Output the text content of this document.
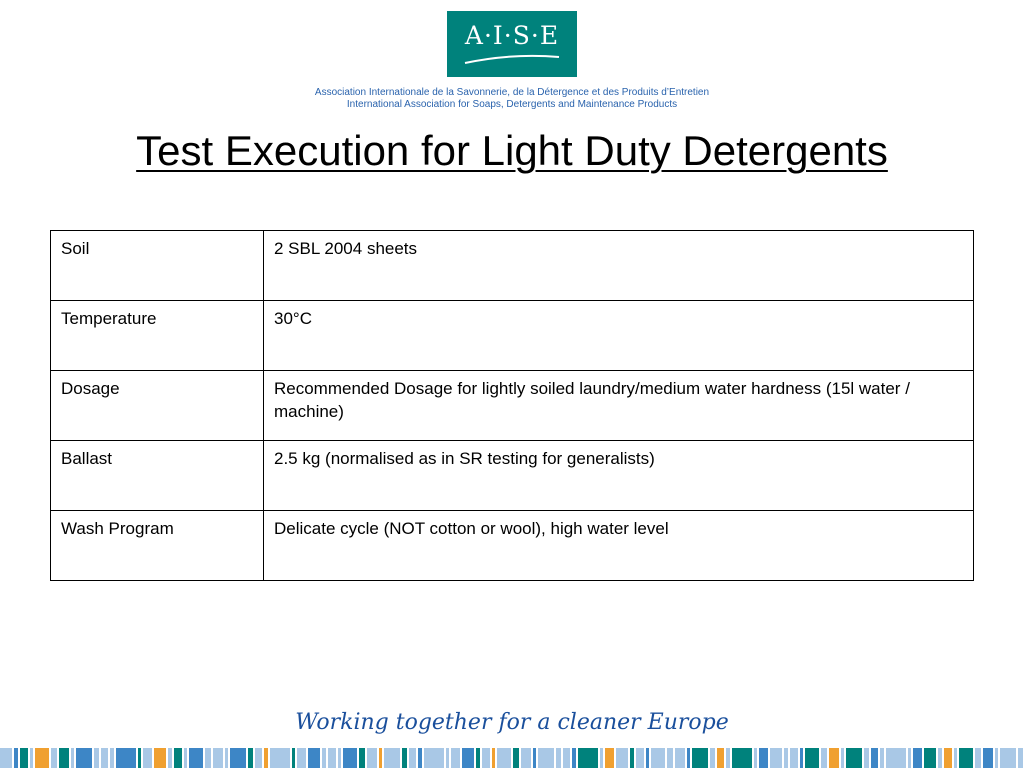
A·I·S·E
Association Internationale de la Savonnerie, de la Détergence et des Produits d’Entretien
International Association for Soaps, Detergents and Maintenance Products
Test Execution for Light Duty Detergents
Soil	2 SBL 2004 sheets
Temperature	30°C
Dosage	Recommended Dosage for lightly soiled laundry/medium water hardness (15l water / machine)
Ballast	2.5 kg (normalised as in SR testing for generalists)
Wash Program	Delicate cycle (NOT cotton or wool), high water level
Working together for a cleaner Europe
